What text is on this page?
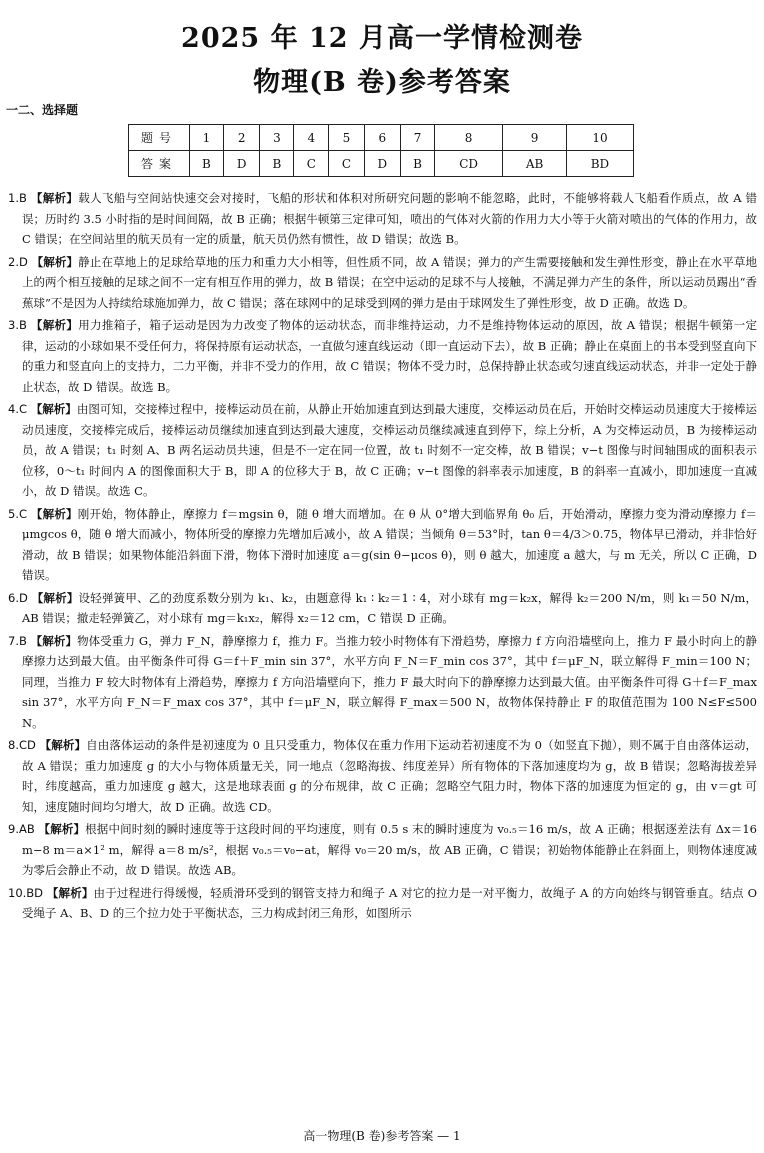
2025 年 12 月高一学情检测卷
物理(B 卷)参考答案
一二、选择题
题号	1	2	3	4	5	6	7	8	9	10
答案	B	D	B	C	C	D	B	CD	AB	BD

1.B 【解析】载人飞船与空间站快速交会对接时，飞船的形状和体积对所研究问题的影响不能忽略，此时，不能够将载人飞船看作质点，故 A 错误；历时约 3.5 小时指的是时间间隔，故 B 正确；根据牛顿第三定律可知，喷出的气体对火箭的作用力大小等于火箭对喷出的气体的作用力，故 C 错误；在空间站里的航天员有一定的质量，航天员仍然有惯性，故 D 错误；故选 B。

2.D 【解析】静止在草地上的足球给草地的压力和重力大小相等，但性质不同，故 A 错误；弹力的产生需要接触和发生弹性形变，静止在水平草地上的两个相互接触的足球之间不一定有相互作用的弹力，故 B 错误；在空中运动的足球不与人接触，不满足弹力产生的条件，所以运动员踢出“香蕉球”不是因为人持续给球施加弹力，故 C 错误；落在球网中的足球受到网的弹力是由于球网发生了弹性形变，故 D 正确。故选 D。

3.B 【解析】用力推箱子，箱子运动是因为力改变了物体的运动状态，而非维持运动，力不是维持物体运动的原因，故 A 错误；根据牛顿第一定律，运动的小球如果不受任何力，将保持原有运动状态，一直做匀速直线运动（即一直运动下去），故 B 正确；静止在桌面上的书本受到竖直向下的重力和竖直向上的支持力，二力平衡，并非不受力的作用，故 C 错误；物体不受力时，总保持静止状态或匀速直线运动状态，并非一定处于静止状态，故 D 错误。故选 B。

4.C 【解析】由图可知，交接棒过程中，接棒运动员在前，从静止开始加速直到达到最大速度，交棒运动员在后，开始时交棒运动员速度大于接棒运动员速度，交接棒完成后，接棒运动员继续加速直到达到最大速度，交棒运动员继续减速直到停下，综上分析，A 为交棒运动员，B 为接棒运动员，故 A 错误；t₁ 时刻 A、B 两名运动员共速，但是不一定在同一位置，故 t₁ 时刻不一定交棒，故 B 错误；v−t 图像与时间轴围成的面积表示位移，0～t₁ 时间内 A 的图像面积大于 B，即 A 的位移大于 B，故 C 正确；v−t 图像的斜率表示加速度，B 的斜率一直减小，即加速度一直减小，故 D 错误。故选 C。

5.C 【解析】刚开始，物体静止，摩擦力 f＝mgsin θ，随 θ 增大而增加。在 θ 从 0°增大到临界角 θ₀ 后，开始滑动，摩擦力变为滑动摩擦力 f＝μmgcos θ，随 θ 增大而减小，物体所受的摩擦力先增加后减小，故 A 错误；当倾角 θ＝53°时，tan θ＝4/3＞0.75，物体早已滑动，并非恰好滑动，故 B 错误；如果物体能沿斜面下滑，物体下滑时加速度 a＝g(sin θ−μcos θ)，则 θ 越大，加速度 a 越大，与 m 无关，所以 C 正确，D 错误。

6.D 【解析】设轻弹簧甲、乙的劲度系数分别为 k₁、k₂，由题意得 k₁ ∶ k₂＝1 ∶ 4，对小球有 mg＝k₂x，解得 k₂＝200 N/m，则 k₁＝50 N/m，AB 错误；撤走轻弹簧乙，对小球有 mg＝k₁x₂，解得 x₂＝12 cm，C 错误 D 正确。

7.B 【解析】物体受重力 G，弹力 F_N，静摩擦力 f，推力 F。当推力较小时物体有下滑趋势，摩擦力 f 方向沿墙壁向上，推力 F 最小时向上的静摩擦力达到最大值。由平衡条件可得 G＝f＋F_min sin 37°，水平方向 F_N＝F_min cos 37°，其中 f＝μF_N，联立解得 F_min＝100 N；同理，当推力 F 较大时物体有上滑趋势，摩擦力 f 方向沿墙壁向下，推力 F 最大时向下的静摩擦力达到最大值。由平衡条件可得 G＋f＝F_max sin 37°，水平方向 F_N＝F_max cos 37°，其中 f＝μF_N，联立解得 F_max＝500 N，故物体保持静止 F 的取值范围为 100 N≤F≤500 N。

8.CD 【解析】自由落体运动的条件是初速度为 0 且只受重力，物体仅在重力作用下运动若初速度不为 0（如竖直下抛），则不属于自由落体运动，故 A 错误；重力加速度 g 的大小与物体质量无关，同一地点（忽略海拔、纬度差异）所有物体的下落加速度均为 g，故 B 错误；忽略海拔差异时，纬度越高，重力加速度 g 越大，这是地球表面 g 的分布规律，故 C 正确；忽略空气阻力时，物体下落的加速度为恒定的 g，由 v＝gt 可知，速度随时间均匀增大，故 D 正确。故选 CD。

9.AB 【解析】根据中间时刻的瞬时速度等于这段时间的平均速度，则有 0.5 s 末的瞬时速度为 v₀.₅＝16 m/s，故 A 正确；根据逐差法有 Δx＝16 m−8 m＝a×1² m，解得 a＝8 m/s²，根据 v₀.₅＝v₀−at，解得 v₀＝20 m/s，故 AB 正确，C 错误；初始物体能静止在斜面上，则物体速度减为零后会静止不动，故 D 错误。故选 AB。

10.BD 【解析】由于过程进行得缓慢，轻质滑环受到的钢管支持力和绳子 A 对它的拉力是一对平衡力，故绳子 A 的方向始终与钢管垂直。结点 O 受绳子 A、B、D 的三个拉力处于平衡状态，三力构成封闭三角形，如图所示

高一物理(B 卷)参考答案 — 1
